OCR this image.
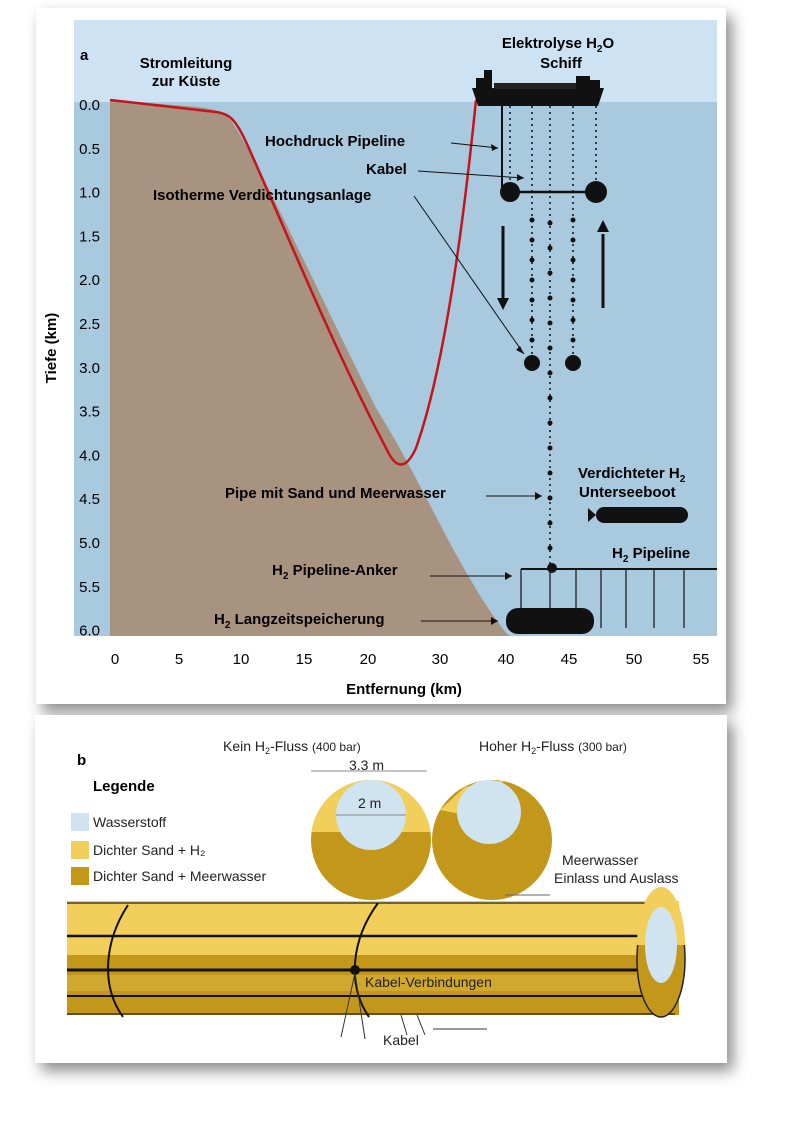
a	Stromleitung
zur Küste
Elektrolyse $H_2O$
Schiff
Hochdruck Pipeline
Kabel
Isotherme Verdichtungsanlage
Pipe mit Sand und Meerwasser
Verdichteter $H_2$
Unterseeboot
$H_2$ Pipeline
$H_2$ Pipeline-Anker
$H_2$ Langzeitspeicherung
0.0
0.5
1.0
1.5
2.0
2.5
3.0
3.5
4.0
4.5
5.0
5.5
6.0
0	5	10	15	20	30	40	45	50	55
Tiefe (km)
Entfernung (km)
b
Legende
Wasserstoff
Dichter Sand + H₂
Dichter Sand + Meerwasser
Kein $H_2$-Fluss (400 bar)	Hoher $H_2$-Fluss (300 bar)
3.3 m
2 m
Meerwasser
Einlass und Auslass
Kabel-Verbindungen
Kabel
